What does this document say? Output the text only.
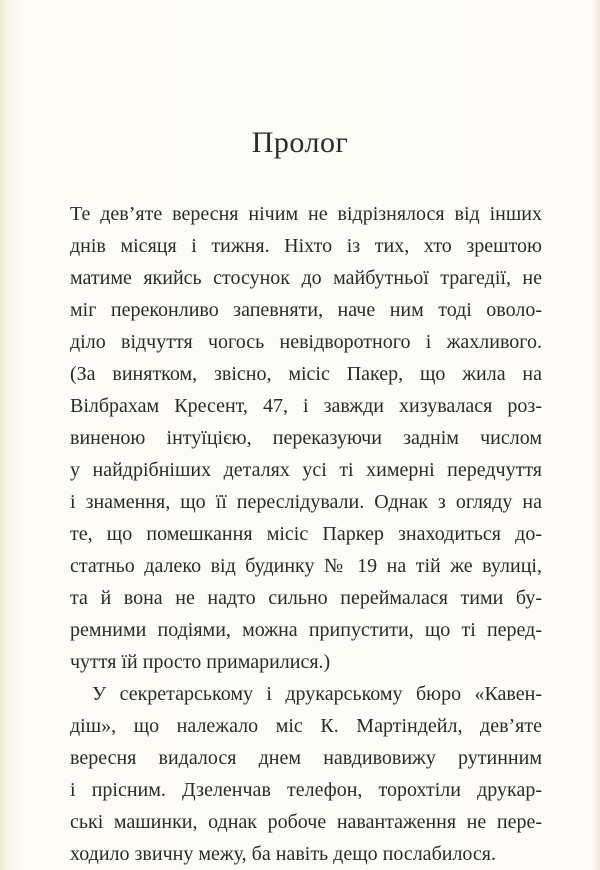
Пролог
Те дев’яте вересня нічим не відрізнялося від інших
днів місяця і тижня. Ніхто із тих, хто зрештою
матиме якийсь стосунок до майбутньої трагедії, не
міг переконливо запевняти, наче ним тоді оволо-
діло відчуття чогось невідворотного і жахливого.
(За винятком, звісно, місіс Пакер, що жила на
Вілбрахам Кресент, 47, і завжди хизувалася роз-
виненою інтуїцією, переказуючи заднім числом
у найдрібніших деталях усі ті химерні передчуття
і знамення, що її переслідували. Однак з огляду на
те, що помешкання місіс Паркер знаходиться до-
статньо далеко від будинку № 19 на тій же вулиці,
та й вона не надто сильно переймалася тими бу-
ремними подіями, можна припустити, що ті перед-
чуття їй просто примарилися.)
У секретарському і друкарському бюро «Кавен-
діш», що належало міс К. Мартіндейл, дев’яте
вересня видалося днем навдивовижу рутинним
і прісним. Дзеленчав телефон, торохтіли друкар-
ські машинки, однак робоче навантаження не пере-
ходило звичну межу, ба навіть дещо послабилося.
